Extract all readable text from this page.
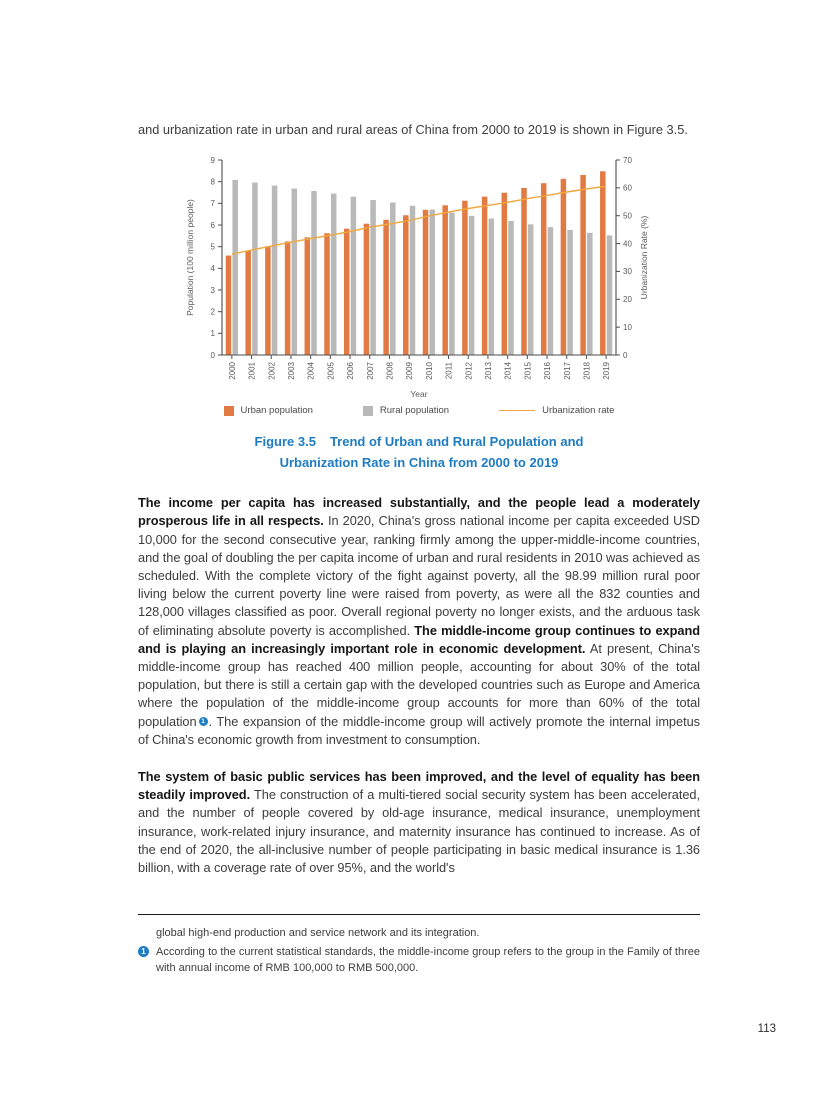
and urbanization rate in urban and rural areas of China from 2000 to 2019 is shown in Figure 3.5.

0
1
2
3
4
5
6
7
8
9
0
10
20
30
40
50
60
70
2000 2001 2002 2003 2004 2005 2006 2007 2008 2009 2010 2011 2012 2013 2014 2015 2016 2017 2018 2019
Population (100 million people)	Urbanization Rate (%)
Year
Urban population	Rural population	Urbanization rate
Figure 3.5 Trend of Urban and Rural Population and
Urbanization Rate in China from 2000 to 2019

The income per capita has increased substantially, and the people lead a moderately prosperous life in all respects. In 2020, China's gross national income per capita exceeded USD 10,000 for the second consecutive year, ranking firmly among the upper-middle-income countries, and the goal of doubling the per capita income of urban and rural residents in 2010 was achieved as scheduled. With the complete victory of the fight against poverty, all the 98.99 million rural poor living below the current poverty line were raised from poverty, as were all the 832 counties and 128,000 villages classified as poor. Overall regional poverty no longer exists, and the arduous task of eliminating absolute poverty is accomplished. The middle-income group continues to expand and is playing an increasingly important role in economic development. At present, China's middle-income group has reached 400 million people, accounting for about 30% of the total population, but there is still a certain gap with the developed countries such as Europe and America where the population of the middle-income group accounts for more than 60% of the total population 1 . The expansion of the middle-income group will actively promote the internal impetus of China's economic growth from investment to consumption.

The system of basic public services has been improved, and the level of equality has been steadily improved. The construction of a multi-tiered social security system has been accelerated, and the number of people covered by old-age insurance, medical insurance, unemployment insurance, work-related injury insurance, and maternity insurance has continued to increase. As of the end of 2020, the all-inclusive number of people participating in basic medical insurance is 1.36 billion, with a coverage rate of over 95%, and the world's

global high-end production and service network and its integration.
1 According to the current statistical standards, the middle-income group refers to the group in the Family of three with annual income of RMB 100,000 to RMB 500,000.
113
